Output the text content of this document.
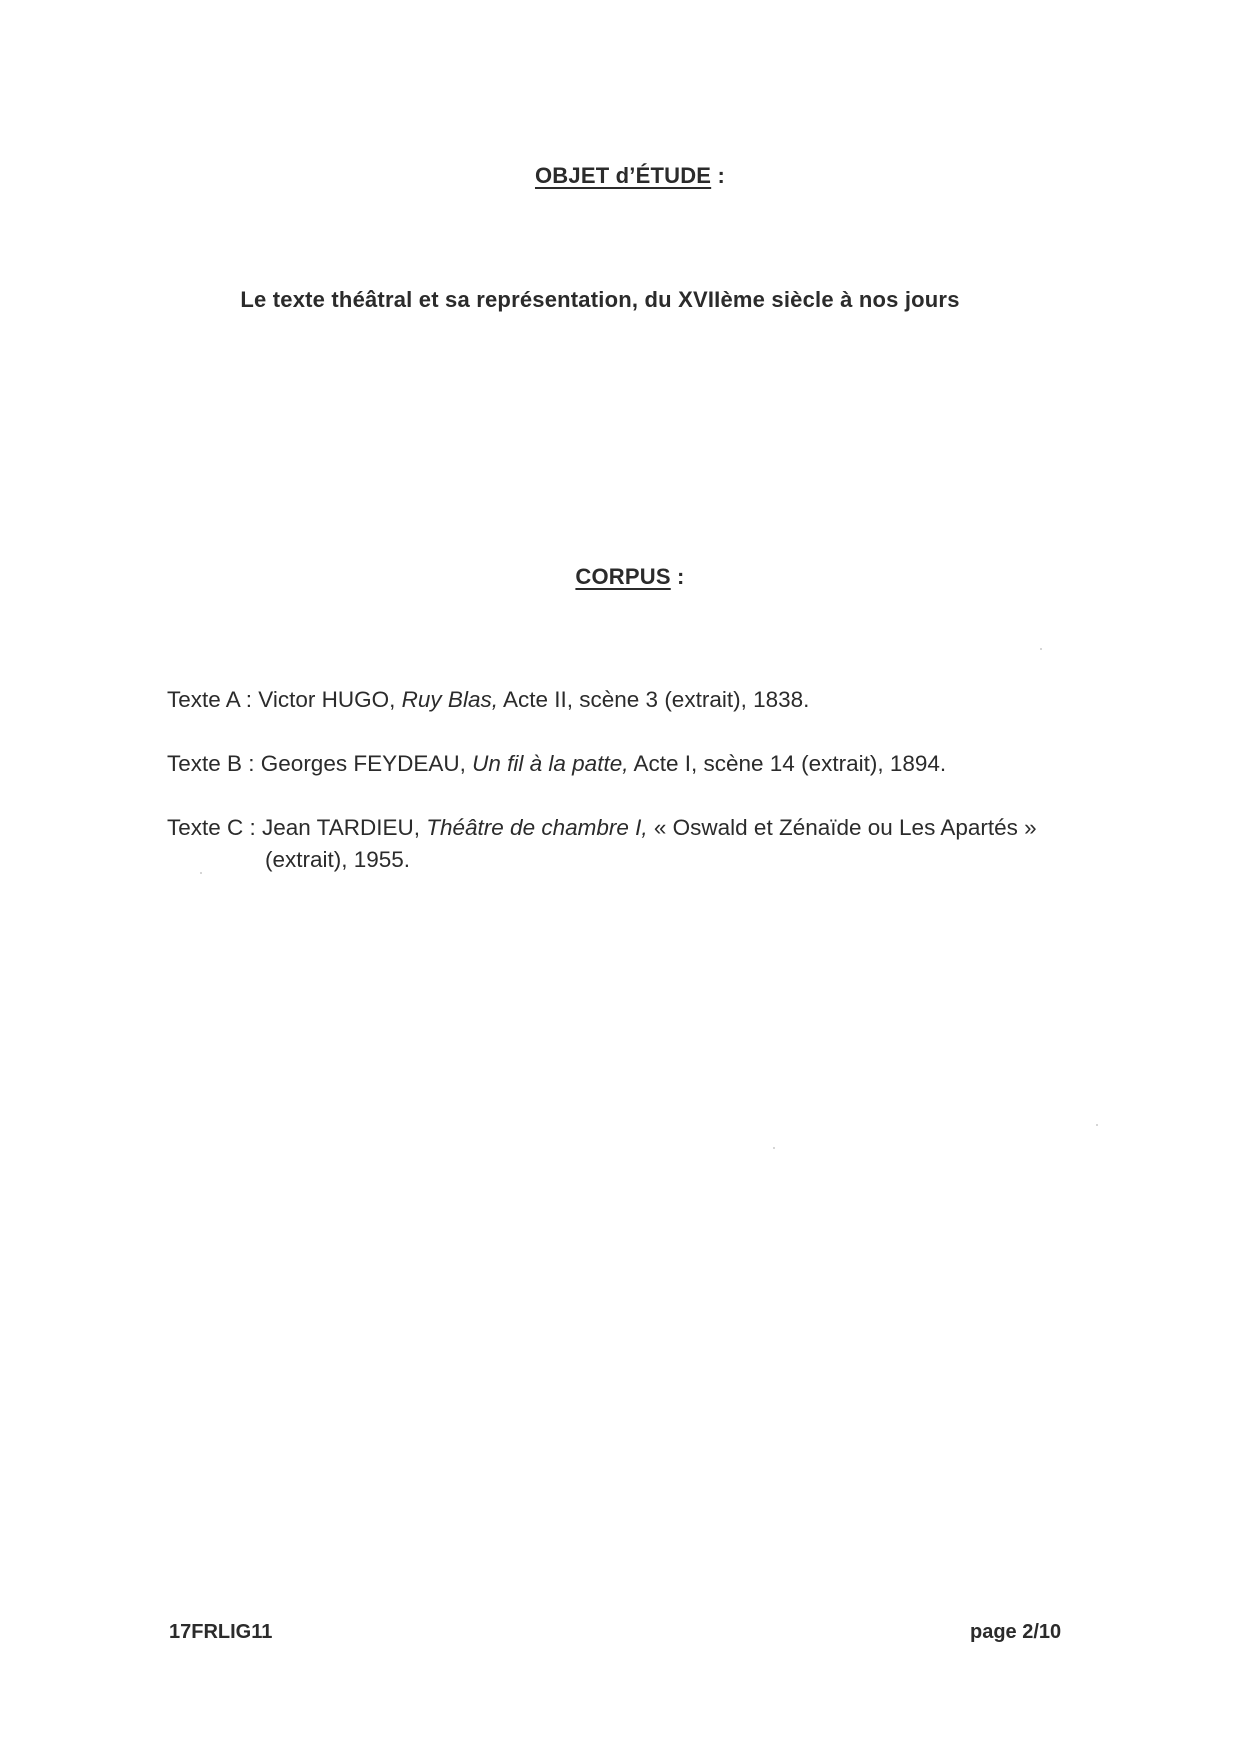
OBJET d’ÉTUDE :
Le texte théâtral et sa représentation, du XVIIème siècle à nos jours
CORPUS :
Texte A : Victor HUGO, Ruy Blas, Acte II, scène 3 (extrait), 1838.
Texte B : Georges FEYDEAU, Un fil à la patte, Acte I, scène 14 (extrait), 1894.
Texte C : Jean TARDIEU, Théâtre de chambre I, « Oswald et Zénaïde ou Les Apartés »
(extrait), 1955.
17FRLIG11	page 2/10
